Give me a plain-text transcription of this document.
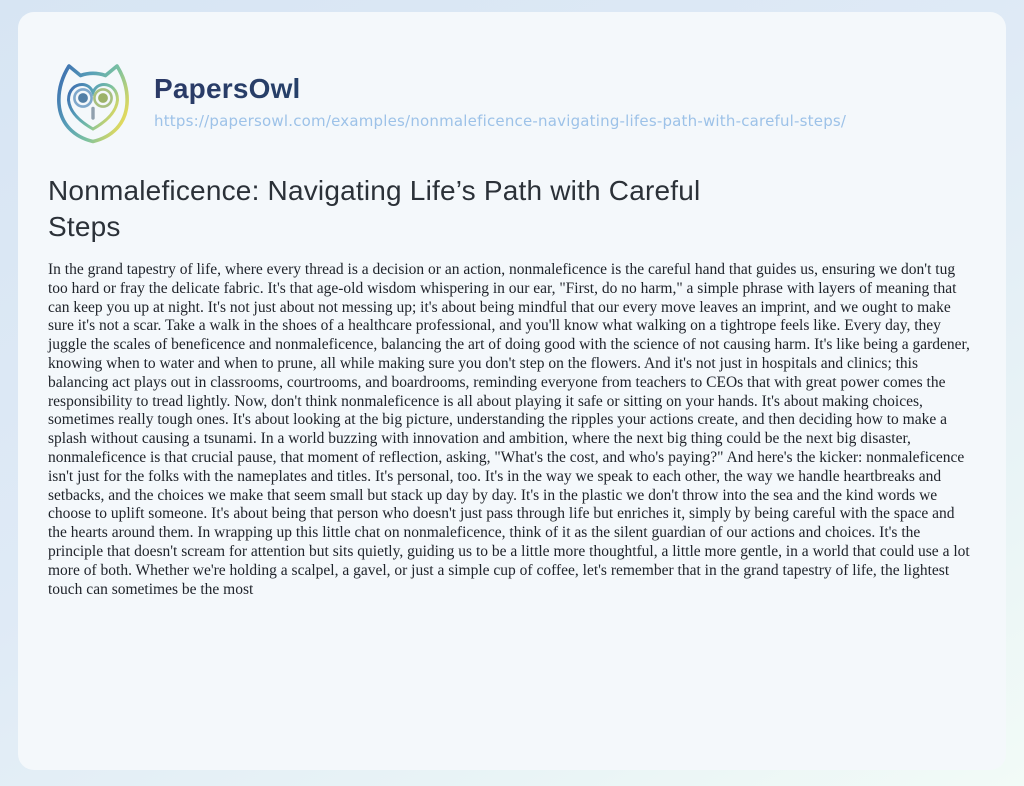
PapersOwl
https://papersowl.com/examples/nonmaleficence-navigating-lifes-path-with-careful-steps/
Nonmaleficence: Navigating Life’s Path with Careful Steps

In the grand tapestry of life, where every thread is a decision or an action, nonmaleficence is the careful hand that guides us, ensuring we don't tug too hard or fray the delicate fabric. It's that age-old wisdom whispering in our ear, "First, do no harm," a simple phrase with layers of meaning that can keep you up at night. It's not just about not messing up; it's about being mindful that our every move leaves an imprint, and we ought to make sure it's not a scar. Take a walk in the shoes of a healthcare professional, and you'll know what walking on a tightrope feels like. Every day, they juggle the scales of beneficence and nonmaleficence, balancing the art of doing good with the science of not causing harm. It's like being a gardener, knowing when to water and when to prune, all while making sure you don't step on the flowers. And it's not just in hospitals and clinics; this balancing act plays out in classrooms, courtrooms, and boardrooms, reminding everyone from teachers to CEOs that with great power comes the responsibility to tread lightly. Now, don't think nonmaleficence is all about playing it safe or sitting on your hands. It's about making choices, sometimes really tough ones. It's about looking at the big picture, understanding the ripples your actions create, and then deciding how to make a splash without causing a tsunami. In a world buzzing with innovation and ambition, where the next big thing could be the next big disaster, nonmaleficence is that crucial pause, that moment of reflection, asking, "What's the cost, and who's paying?" And here's the kicker: nonmaleficence isn't just for the folks with the nameplates and titles. It's personal, too. It's in the way we speak to each other, the way we handle heartbreaks and setbacks, and the choices we make that seem small but stack up day by day. It's in the plastic we don't throw into the sea and the kind words we choose to uplift someone. It's about being that person who doesn't just pass through life but enriches it, simply by being careful with the space and the hearts around them. In wrapping up this little chat on nonmaleficence, think of it as the silent guardian of our actions and choices. It's the principle that doesn't scream for attention but sits quietly, guiding us to be a little more thoughtful, a little more gentle, in a world that could use a lot more of both. Whether we're holding a scalpel, a gavel, or just a simple cup of coffee, let's remember that in the grand tapestry of life, the lightest touch can sometimes be the most
